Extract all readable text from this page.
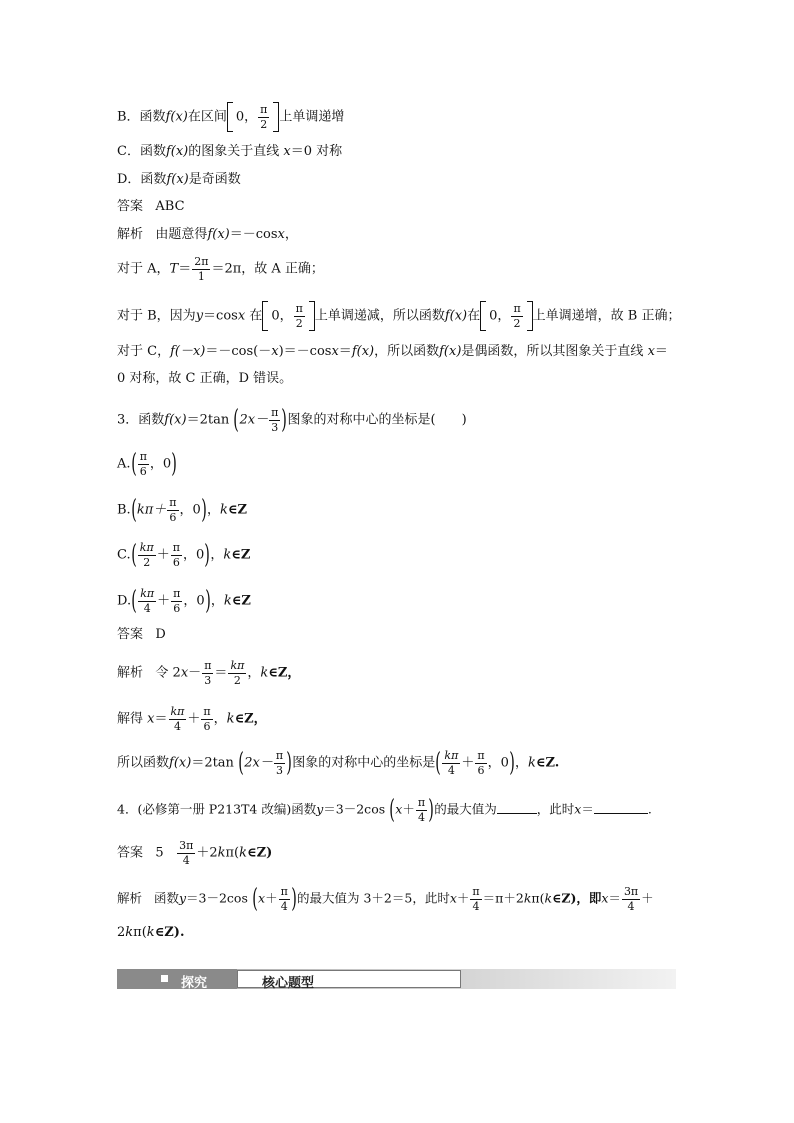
B．函数f(x)在区间 0， $\frac{\pi}{2}$ 上单调递增
C．函数f(x)的图象关于直线 x＝0 对称
D．函数f(x)是奇函数
答案 ABC
解析 由题意得f(x)＝－cosx，
对于 A，$T= \frac{2\pi}{1} =2\pi$，故 A 正确；
对于 B，因为y＝cosx 在 0， $\frac{\pi}{2}$ 上单调递减，所以函数f(x)在 0， $\frac{\pi}{2}$ 上单调递增，故 B 正确；
对于 C，f(－x)＝－cos(－x)＝－cosx＝f(x)，所以函数f(x)是偶函数，所以其图象关于直线 x＝
0 对称，故 C 正确，D 错误。
3．函数f(x)＝2tan ($2x- \frac{\pi}{3}$ )图象的对称中心的坐标是(　　)
$A.( \frac{\pi}{6}$ ，0)
$B.(k\pi+ \frac{\pi}{6}$ ，0)，k∈Z
$C.( \frac{k\pi}{2} + \frac{\pi}{6}$ ，0)，k∈Z
$D.( \frac{k\pi}{4} + \frac{\pi}{6}$ ，0)，k∈Z
答案 D
解析 令 $2x- \frac{\pi}{3} = \frac{k\pi}{2}$ ，k∈Z，
解得 $x= \frac{k\pi}{4} + \frac{\pi}{6}$ ，k∈Z，
所以函数f(x)＝2tan ($2x- \frac{\pi}{3}$ )图象的对称中心的坐标是( $\frac{k\pi}{4} + \frac{\pi}{6}$ ，0)，k∈Z.
4．(必修第一册 P213T4 改编)函数y＝3－2cos ($x+ \frac{\pi}{4}$ )的最大值为	，此时x＝	.
答案 $5 \frac{3\pi}{4}$ ＋2kπ(k∈Z)
解析 函数y＝3－2cos ($x+ \frac{\pi}{4}$ )的最大值为 3＋2＝5，此时$x+ \frac{\pi}{4}$ ＝π＋2kπ(k∈Z)，即$x= \frac{3\pi}{4}$ ＋
2kπ(k∈Z).
探究	核心题型
